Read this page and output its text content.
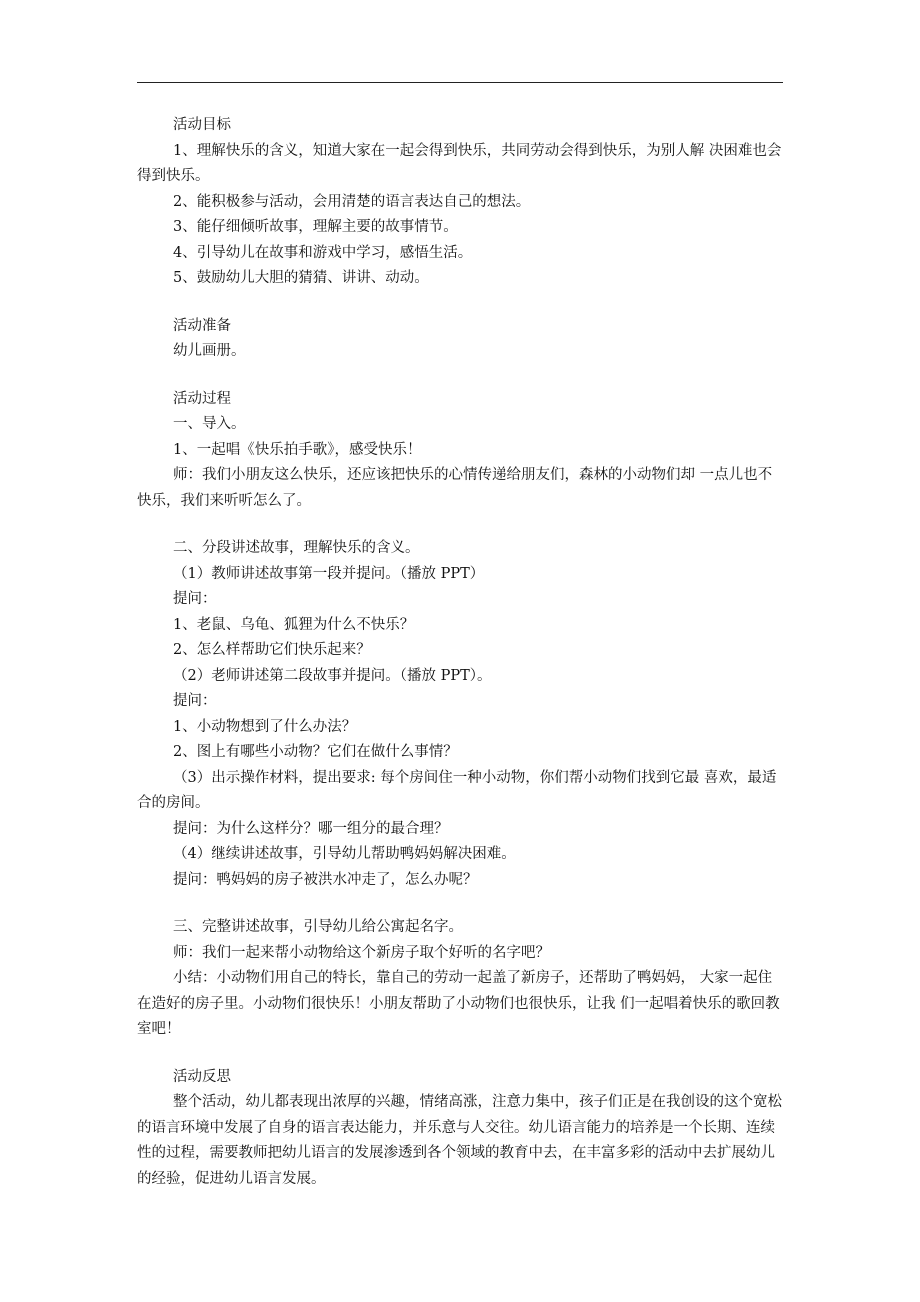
活动目标

1、理解快乐的含义，知道大家在一起会得到快乐，共同劳动会得到快乐，为别人解 决困难也会得到快乐。

2、能积极参与活动，会用清楚的语言表达自己的想法。

3、能仔细倾听故事，理解主要的故事情节。

4、引导幼儿在故事和游戏中学习，感悟生活。

5、鼓励幼儿大胆的猜猜、讲讲、动动。

活动准备

幼儿画册。

活动过程

一、导入。

1、一起唱《快乐拍手歌》，感受快乐！

师：我们小朋友这么快乐，还应该把快乐的心情传递给朋友们，森林的小动物们却 一点儿也不快乐，我们来听听怎么了。

二、分段讲述故事，理解快乐的含义。

（1）教师讲述故事第一段并提问。（播放 PPT）

提问：

1、老鼠、乌龟、狐狸为什么不快乐？

2、怎么样帮助它们快乐起来？

（2）老师讲述第二段故事并提问。（播放 PPT）。

提问：

1、小动物想到了什么办法？

2、图上有哪些小动物？它们在做什么事情？

（3）出示操作材料，提出要求: 每个房间住一种小动物，你们帮小动物们找到它最 喜欢，最适合的房间。

提问：为什么这样分？哪一组分的最合理？

（4）继续讲述故事，引导幼儿帮助鸭妈妈解决困难。

提问：鸭妈妈的房子被洪水冲走了，怎么办呢？

三、完整讲述故事，引导幼儿给公寓起名字。

师：我们一起来帮小动物给这个新房子取个好听的名字吧？

小结：小动物们用自己的特长，靠自己的劳动一起盖了新房子，还帮助了鸭妈妈， 大家一起住在造好的房子里。小动物们很快乐！小朋友帮助了小动物们也很快乐，让我 们一起唱着快乐的歌回教室吧！

活动反思

整个活动，幼儿都表现出浓厚的兴趣，情绪高涨，注意力集中，孩子们正是在我创设的这个宽松的语言环境中发展了自身的语言表达能力，并乐意与人交往。幼儿语言能力的培养是一个长期、连续性的过程，需要教师把幼儿语言的发展渗透到各个领域的教育中去，在丰富多彩的活动中去扩展幼儿的经验，促进幼儿语言发展。
